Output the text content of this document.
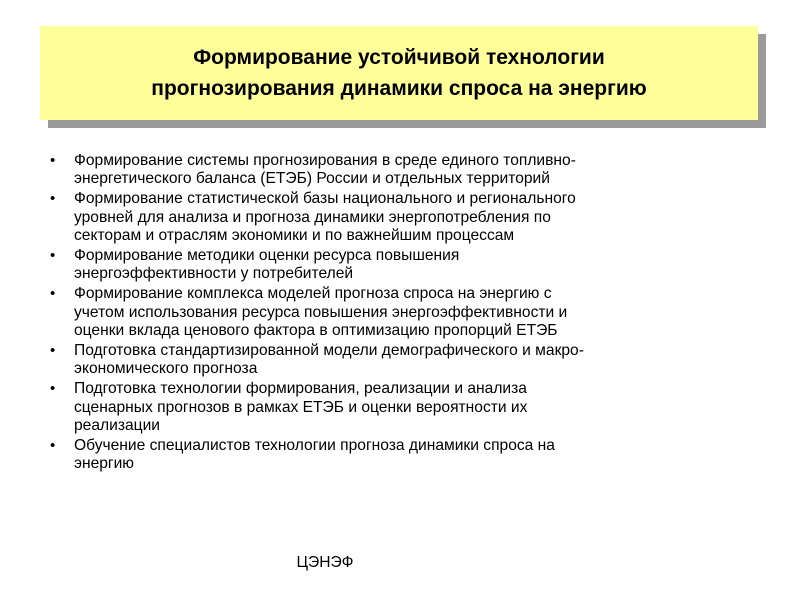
Формирование устойчивой технологии
прогнозирования динамики спроса на энергию
•	Формирование системы прогнозирования в среде единого топливно-
энергетического баланса (ЕТЭБ) России и отдельных территорий
•	Формирование статистической базы национального и регионального
уровней для анализа и прогноза динамики энергопотребления по
секторам и отраслям экономики и по важнейшим процессам
•	Формирование методики оценки ресурса повышения
энергоэффективности у потребителей
•	Формирование комплекса моделей прогноза спроса на энергию с
учетом использования ресурса повышения энергоэффективности и
оценки вклада ценового фактора в оптимизацию пропорций ЕТЭБ
•	Подготовка стандартизированной модели демографического и макро-
экономического прогноза
•	Подготовка технологии формирования, реализации и анализа
сценарных прогнозов в рамках ЕТЭБ и оценки вероятности их
реализации
•	Обучение специалистов технологии прогноза динамики спроса на
энергию
ЦЭНЭФ
